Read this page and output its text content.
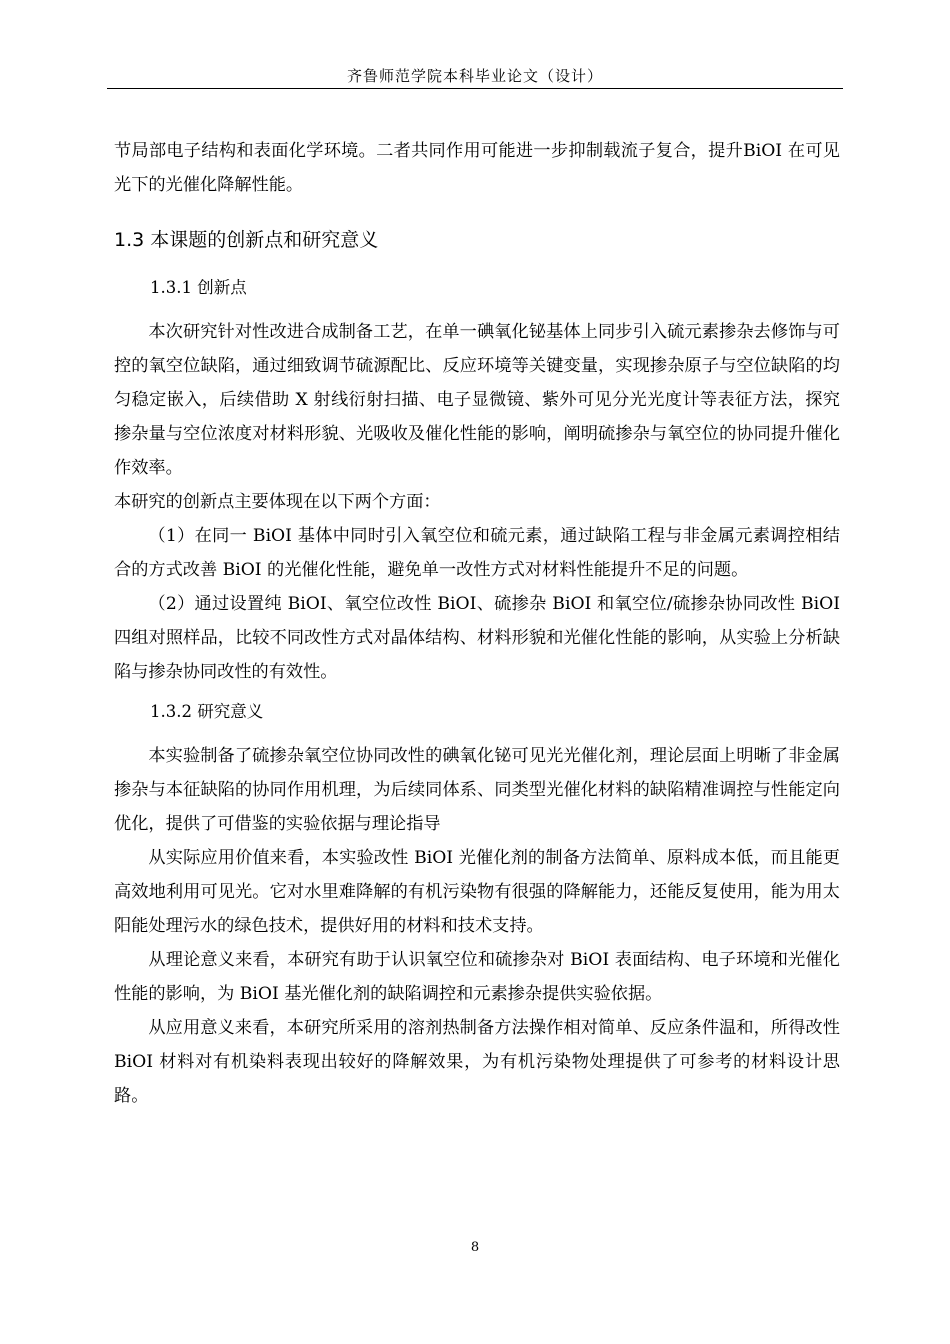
齐鲁师范学院本科毕业论文（设计）

节局部电子结构和表面化学环境。二者共同作用可能进一步抑制载流子复合，提升BiOI 在可见光下的光催化降解性能。

1.3 本课题的创新点和研究意义

1.3.1 创新点

本次研究针对性改进合成制备工艺，在单一碘氧化铋基体上同步引入硫元素掺杂去修饰与可控的氧空位缺陷，通过细致调节硫源配比、反应环境等关键变量，实现掺杂原子与空位缺陷的均匀稳定嵌入，后续借助 X 射线衍射扫描、电子显微镜、紫外可见分光光度计等表征方法，探究掺杂量与空位浓度对材料形貌、光吸收及催化性能的影响，阐明硫掺杂与氧空位的协同提升催化作效率。

本研究的创新点主要体现在以下两个方面：

（1）在同一 BiOI 基体中同时引入氧空位和硫元素，通过缺陷工程与非金属元素调控相结合的方式改善 BiOI 的光催化性能，避免单一改性方式对材料性能提升不足的问题。

（2）通过设置纯 BiOI、氧空位改性 BiOI、硫掺杂 BiOI 和氧空位/硫掺杂协同改性 BiOI 四组对照样品，比较不同改性方式对晶体结构、材料形貌和光催化性能的影响，从实验上分析缺陷与掺杂协同改性的有效性。

1.3.2 研究意义

本实验制备了硫掺杂氧空位协同改性的碘氧化铋可见光光催化剂，理论层面上明晰了非金属掺杂与本征缺陷的协同作用机理，为后续同体系、同类型光催化材料的缺陷精准调控与性能定向优化，提供了可借鉴的实验依据与理论指导

从实际应用价值来看，本实验改性 BiOI 光催化剂的制备方法简单、原料成本低，而且能更高效地利用可见光。它对水里难降解的有机污染物有很强的降解能力，还能反复使用，能为用太阳能处理污水的绿色技术，提供好用的材料和技术支持。

从理论意义来看，本研究有助于认识氧空位和硫掺杂对 BiOI 表面结构、电子环境和光催化性能的影响，为 BiOI 基光催化剂的缺陷调控和元素掺杂提供实验依据。

从应用意义来看，本研究所采用的溶剂热制备方法操作相对简单、反应条件温和，所得改性 BiOI 材料对有机染料表现出较好的降解效果，为有机污染物处理提供了可参考的材料设计思路。

8
